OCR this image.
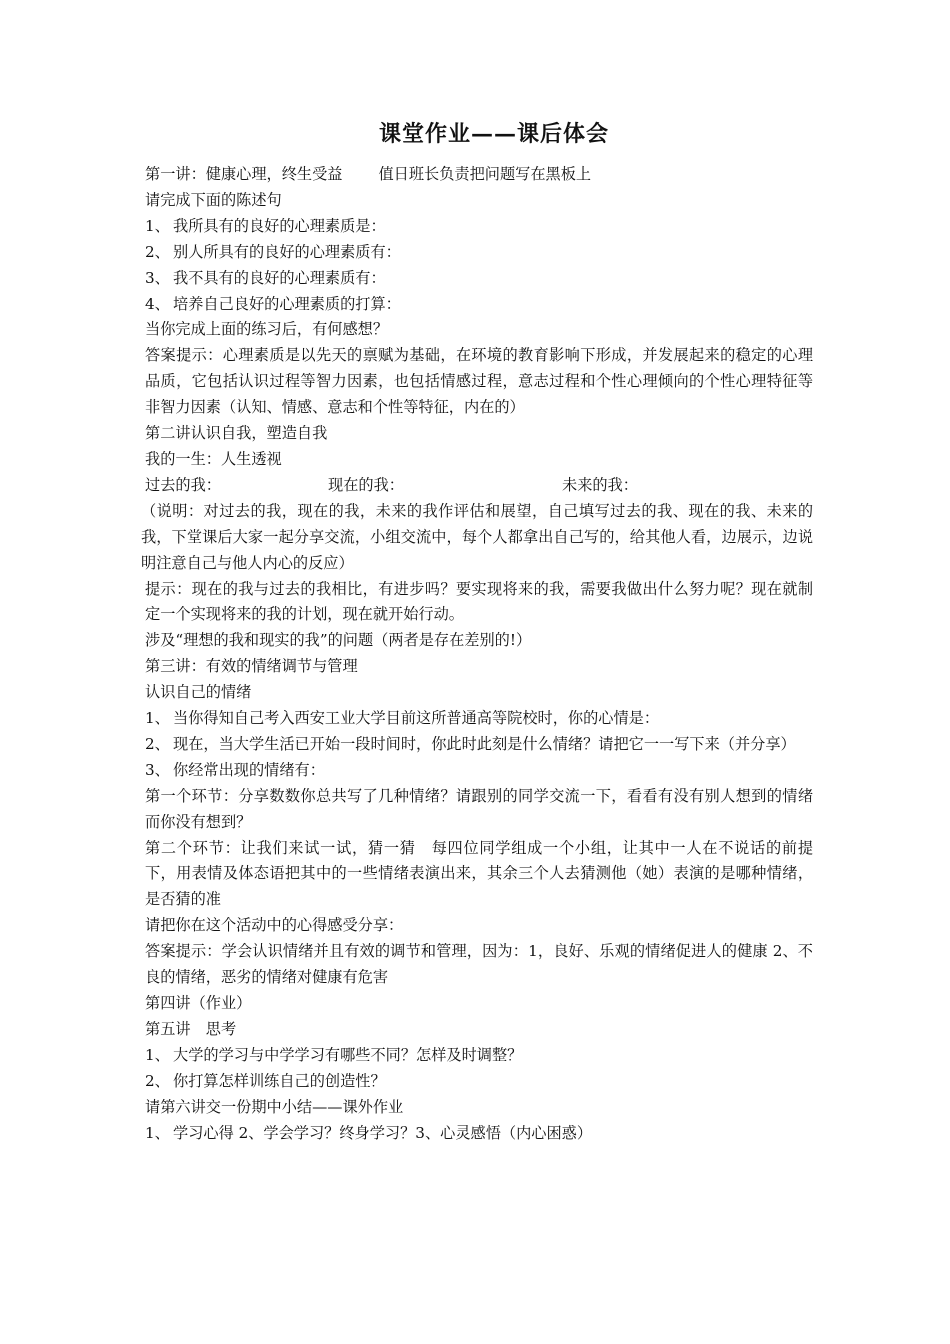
课堂作业——课后体会
第一讲：健康心理，终生受益 值日班长负责把问题写在黑板上
请完成下面的陈述句
1、 我所具有的良好的心理素质是：
2、 别人所具有的良好的心理素质有：
3、 我不具有的良好的心理素质有：
4、 培养自己良好的心理素质的打算：
当你完成上面的练习后，有何感想？
答案提示：心理素质是以先天的禀赋为基础，在环境的教育影响下形成，并发展起来的稳定的心理品质，它包括认识过程等智力因素，也包括情感过程，意志过程和个性心理倾向的个性心理特征等非智力因素（认知、情感、意志和个性等特征，内在的）
第二讲认识自我，塑造自我
我的一生：人生透视
过去的我：	现在的我：	未来的我：
（说明：对过去的我，现在的我，未来的我作评估和展望，自己填写过去的我、现在的我、未来的我，下堂课后大家一起分享交流，小组交流中，每个人都拿出自己写的，给其他人看，边展示，边说明注意自己与他人内心的反应）
提示：现在的我与过去的我相比，有进步吗？要实现将来的我，需要我做出什么努力呢？现在就制定一个实现将来的我的计划，现在就开始行动。
涉及“理想的我和现实的我”的问题（两者是存在差别的!）
第三讲：有效的情绪调节与管理
认识自己的情绪
1、 当你得知自己考入西安工业大学目前这所普通高等院校时，你的心情是：
2、 现在，当大学生活已开始一段时间时，你此时此刻是什么情绪？请把它一一写下来（并分享）
3、 你经常出现的情绪有：
第一个环节：分享数数你总共写了几种情绪？请跟别的同学交流一下，看看有没有别人想到的情绪而你没有想到？
第二个环节：让我们来试一试，猜一猜　每四位同学组成一个小组，让其中一人在不说话的前提下，用表情及体态语把其中的一些情绪表演出来，其余三个人去猜测他（她）表演的是哪种情绪，是否猜的准
请把你在这个活动中的心得感受分享：
答案提示：学会认识情绪并且有效的调节和管理，因为：1，良好、乐观的情绪促进人的健康 2、不良的情绪，恶劣的情绪对健康有危害
第四讲（作业）
第五讲　思考
1、 大学的学习与中学学习有哪些不同？怎样及时调整？
2、 你打算怎样训练自己的创造性？
请第六讲交一份期中小结——课外作业
1、 学习心得 2、学会学习？终身学习？3、心灵感悟（内心困惑）
